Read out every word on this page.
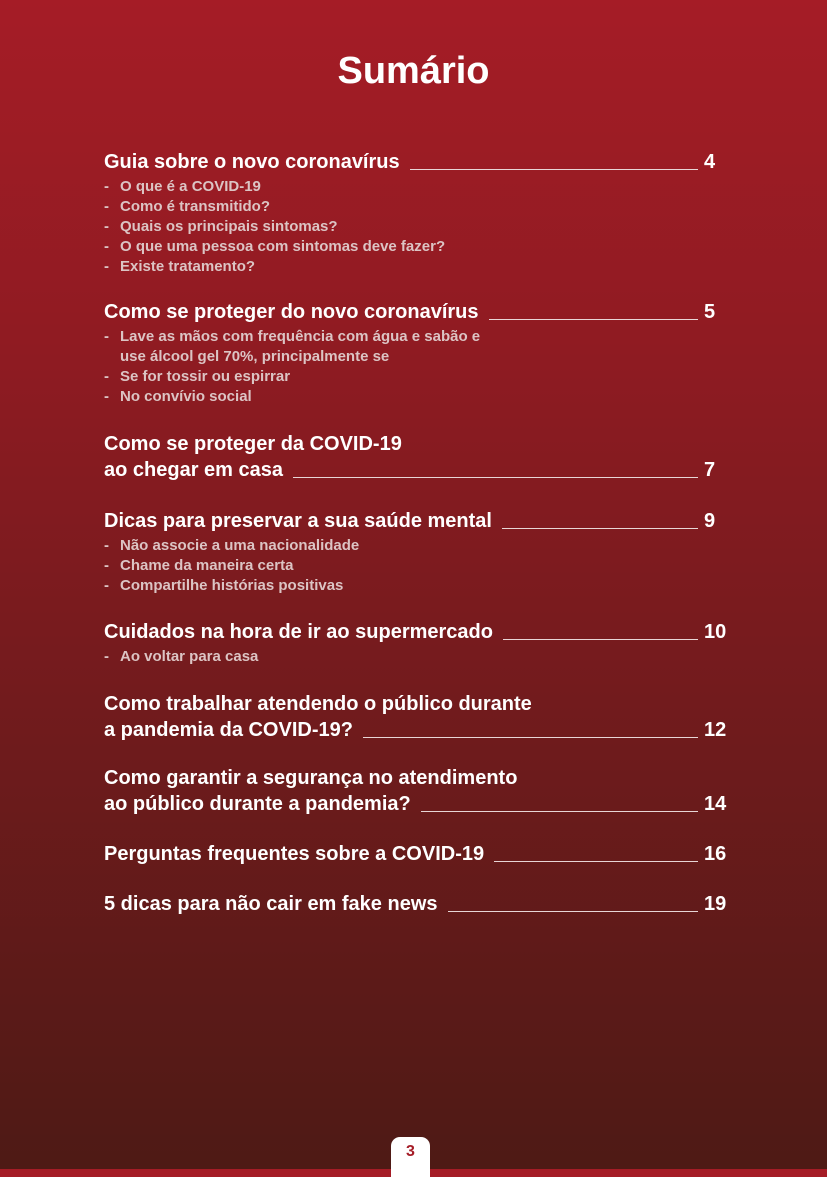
Sumário
Guia sobre o novo coronavírus	4
- O que é a COVID-19
- Como é transmitido?
- Quais os principais sintomas?
- O que uma pessoa com sintomas deve fazer?
- Existe tratamento?
Como se proteger do novo coronavírus	5
- Lave as mãos com frequência com água e sabão e
use álcool gel 70%, principalmente se
- Se for tossir ou espirrar
- No convívio social
Como se proteger da COVID-19
ao chegar em casa	7
Dicas para preservar a sua saúde mental	9
- Não associe a uma nacionalidade
- Chame da maneira certa
- Compartilhe histórias positivas
Cuidados na hora de ir ao supermercado	10
- Ao voltar para casa
Como trabalhar atendendo o público durante
a pandemia da COVID-19?	12
Como garantir a segurança no atendimento
ao público durante a pandemia?	14
Perguntas frequentes sobre a COVID-19	16
5 dicas para não cair em fake news	19
3
